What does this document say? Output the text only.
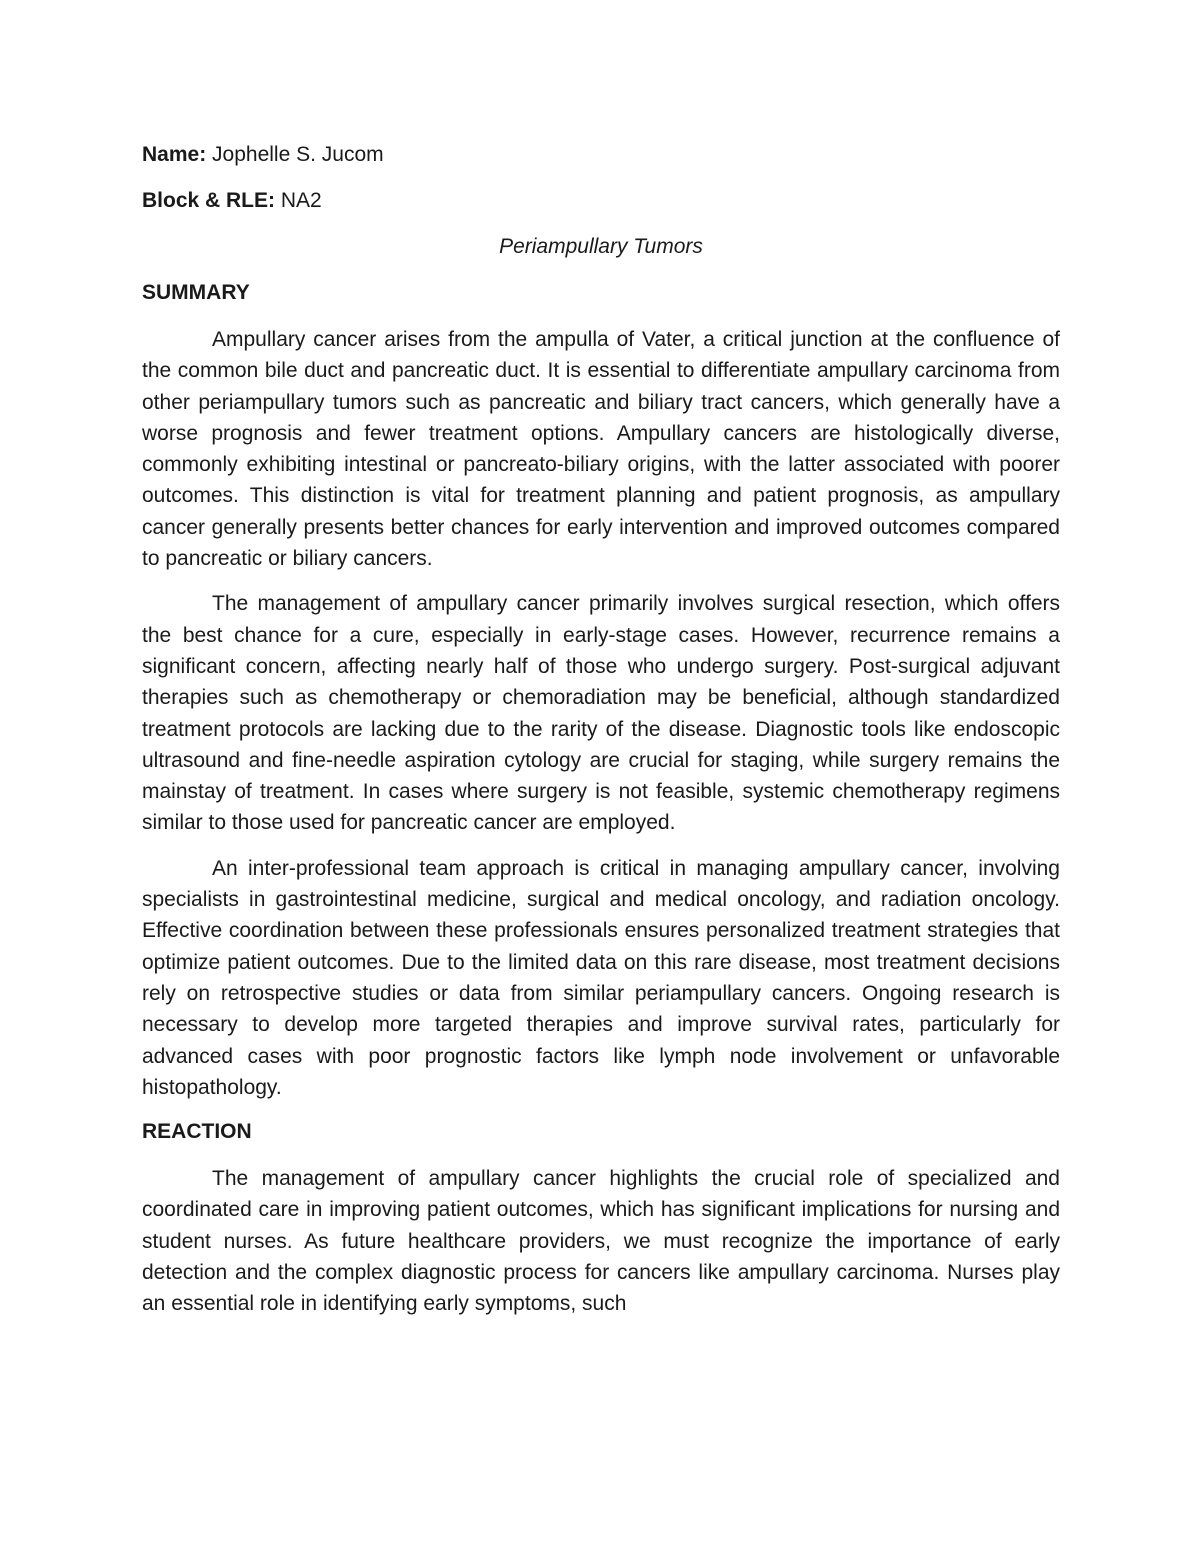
Name: Jophelle S. Jucom

Block & RLE: NA2

Periampullary Tumors

SUMMARY

Ampullary cancer arises from the ampulla of Vater, a critical junction at the confluence of the common bile duct and pancreatic duct. It is essential to differentiate ampullary carcinoma from other periampullary tumors such as pancreatic and biliary tract cancers, which generally have a worse prognosis and fewer treatment options. Ampullary cancers are histologically diverse, commonly exhibiting intestinal or pancreato-biliary origins, with the latter associated with poorer outcomes. This distinction is vital for treatment planning and patient prognosis, as ampullary cancer generally presents better chances for early intervention and improved outcomes compared to pancreatic or biliary cancers.

The management of ampullary cancer primarily involves surgical resection, which offers the best chance for a cure, especially in early-stage cases. However, recurrence remains a significant concern, affecting nearly half of those who undergo surgery. Post-surgical adjuvant therapies such as chemotherapy or chemoradiation may be beneficial, although standardized treatment protocols are lacking due to the rarity of the disease. Diagnostic tools like endoscopic ultrasound and fine-needle aspiration cytology are crucial for staging, while surgery remains the mainstay of treatment. In cases where surgery is not feasible, systemic chemotherapy regimens similar to those used for pancreatic cancer are employed.

An inter-professional team approach is critical in managing ampullary cancer, involving specialists in gastrointestinal medicine, surgical and medical oncology, and radiation oncology. Effective coordination between these professionals ensures personalized treatment strategies that optimize patient outcomes. Due to the limited data on this rare disease, most treatment decisions rely on retrospective studies or data from similar periampullary cancers. Ongoing research is necessary to develop more targeted therapies and improve survival rates, particularly for advanced cases with poor prognostic factors like lymph node involvement or unfavorable histopathology.

REACTION

The management of ampullary cancer highlights the crucial role of specialized and coordinated care in improving patient outcomes, which has significant implications for nursing and student nurses. As future healthcare providers, we must recognize the importance of early detection and the complex diagnostic process for cancers like ampullary carcinoma. Nurses play an essential role in identifying early symptoms, such
